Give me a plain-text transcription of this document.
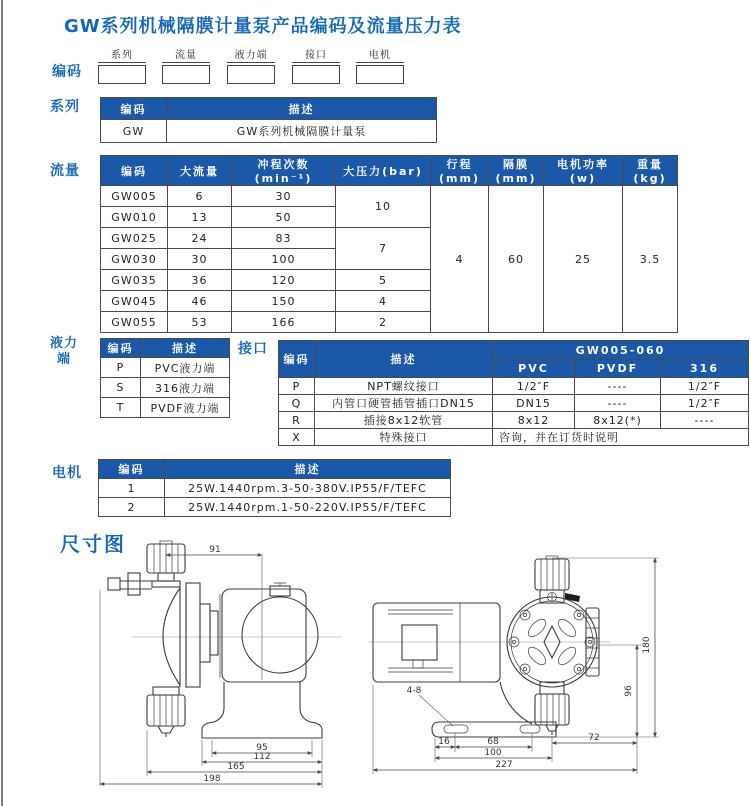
GW系列机械隔膜计量泵产品编码及流量压力表
编码
系列	流量	液力端	接口	电机
系列	编码	描述
GW	GW系列机械隔膜计量泵
流量	编码	大流量	冲程次数(min⁻¹)	大压力(bar)	行程(mm)	隔膜(mm)	电机功率(w)	重量(kg)
GW005	6	30	10	4	60	25	3.5
GW010	13	50					
GW025	24	83	7				
GW030	30	100					
GW035	36	120	5				
GW045	46	150	4				
GW055	53	166	2				
液力端
编码	描述
P	PVC液力端
S	316液力端
T	PVDF液力端
接口
编码	描述	GW005-060		
		PVC	PVDF	316
P	NPT螺纹接口	1/2″F	----	1/2″F
Q	内管口硬管插管插口DN15	DN15	----	1/2″F
R	插接8x12软管	8x12	8x12(*)	----
X	特殊接口	咨询，并在订货时说明		
电机	编码	描述
1	25W.1440rpm.3-50-380V.IP55/F/TEFC
2	25W.1440rpm.1-50-220V.IP55/F/TEFC
尺寸图	91
95
112
165
198
4-8
72
16	68
100
227
96
180
